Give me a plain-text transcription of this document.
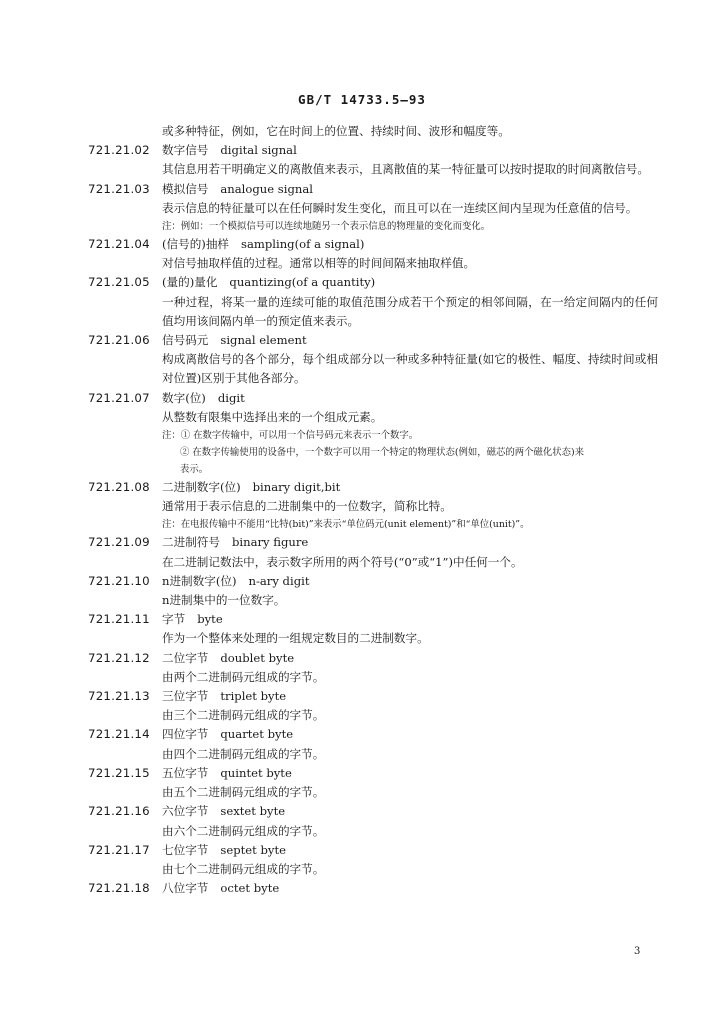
GB/T 14733.5—93
或多种特征，例如，它在时间上的位置、持续时间、波形和幅度等。
721.21.02	数字信号 digital signal
其信息用若干明确定义的离散值来表示，且离散值的某一特征量可以按时提取的时间离散信号。
721.21.03	模拟信号 analogue signal
表示信息的特征量可以在任何瞬时发生变化，而且可以在一连续区间内呈现为任意值的信号。
注：例如：一个模拟信号可以连续地随另一个表示信息的物理量的变化而变化。
721.21.04	(信号的)抽样 sampling(of a signal)
对信号抽取样值的过程。通常以相等的时间间隔来抽取样值。
721.21.05	(量的)量化 quantizing(of a quantity)
一种过程，将某一量的连续可能的取值范围分成若干个预定的相邻间隔，在一给定间隔内的任何值均用该间隔内单一的预定值来表示。
721.21.06	信号码元 signal element
构成离散信号的各个部分，每个组成部分以一种或多种特征量(如它的极性、幅度、持续时间或相对位置)区别于其他各部分。
721.21.07	数字(位) digit
从整数有限集中选择出来的一个组成元素。
注：① 在数字传输中，可以用一个信号码元来表示一个数字。
② 在数字传输使用的设备中，一个数字可以用一个特定的物理状态(例如，磁芯的两个磁化状态)来
表示。
721.21.08	二进制数字(位) binary digit,bit
通常用于表示信息的二进制集中的一位数字，简称比特。
注：在电报传输中不能用“比特(bit)”来表示“单位码元(unit element)”和“单位(unit)”。
721.21.09	二进制符号 binary figure
在二进制记数法中，表示数字所用的两个符号(“0”或“1”)中任何一个。
721.21.10	n进制数字(位) n-ary digit
n进制集中的一位数字。
721.21.11	字节 byte
作为一个整体来处理的一组规定数目的二进制数字。
721.21.12	二位字节 doublet byte
由两个二进制码元组成的字节。
721.21.13	三位字节 triplet byte
由三个二进制码元组成的字节。
721.21.14	四位字节 quartet byte
由四个二进制码元组成的字节。
721.21.15	五位字节 quintet byte
由五个二进制码元组成的字节。
721.21.16	六位字节 sextet byte
由六个二进制码元组成的字节。
721.21.17	七位字节 septet byte
由七个二进制码元组成的字节。
721.21.18	八位字节 octet byte
3
